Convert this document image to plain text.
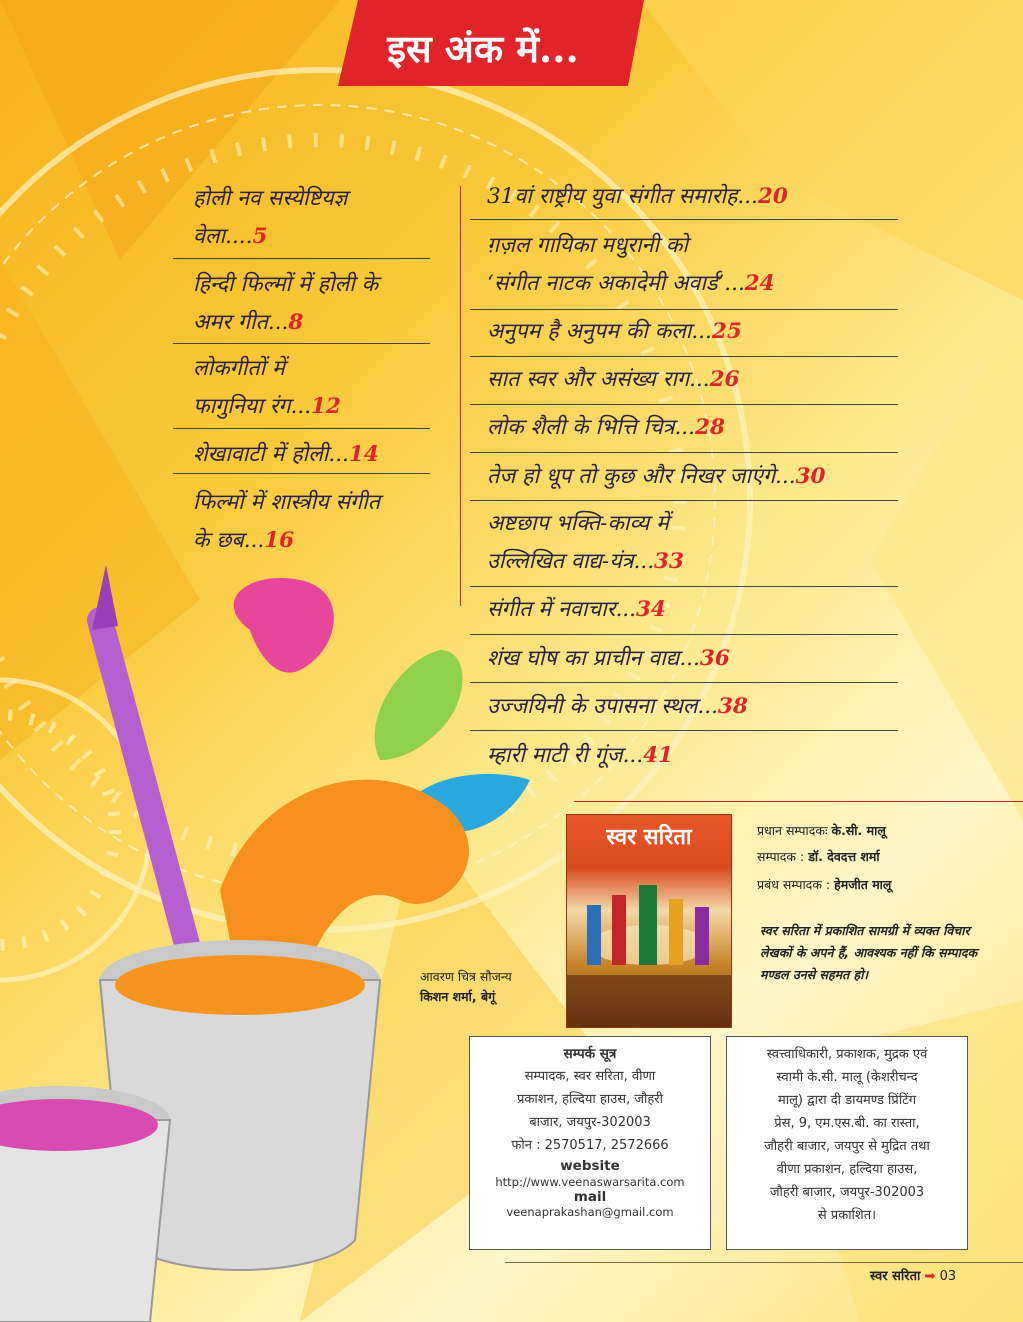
इस अंक में...
होली नव सस्येष्टियज्ञ
वेला....5
हिन्दी फिल्मों में होली के
अमर गीत...8
लोकगीतों में
फागुनिया रंग...12
शेखावाटी में होली...14
फिल्मों में शास्त्रीय संगीत
के छब...16
31वां राष्ट्रीय युवा संगीत समारोह...20
ग़ज़ल गायिका मधुरानी को
‘संगीत नाटक अकादेमी अवार्ड’...24
अनुपम है अनुपम की कला...25
सात स्वर और असंख्य राग...26
लोक शैली के भित्ति चित्र...28
तेज हो धूप तो कुछ और निखर जाएंगे...30
अष्टछाप भक्ति-काव्य में
उल्लिखित वाद्य-यंत्र...33
संगीत में नवाचार...34
शंख घोष का प्राचीन वाद्य...36
उज्जयिनी के उपासना स्थल...38
म्हारी माटी री गूंज...41
स्वर सरिता
आवरण चित्र सौजन्य
किशन शर्मा, बेगूं
प्रधान सम्पादकः के.सी. मालू
सम्पादक : डॉ. देवदत्त शर्मा
प्रबंध सम्पादक : हेमजीत मालू
स्वर सरिता में प्रकाशित सामग्री में व्यक्त विचार लेखकों के अपने हैं, आवश्यक नहीं कि सम्पादक मण्डल उनसे सहमत हो।
सम्पर्क सूत्र
सम्पादक, स्वर सरिता, वीणा
प्रकाशन, हल्दिया हाउस, जौहरी
बाजार, जयपुर-302003
फोन : 2570517, 2572666
website
http://www.veenaswarsarita.com
mail
veenaprakashan@gmail.com
स्वत्त्वाधिकारी, प्रकाशक, मुद्रक एवं
स्वामी के.सी. मालू (केशरीचन्द
मालू) द्वारा दी डायमण्ड प्रिंटिंग
प्रेस, 9, एम.एस.बी. का रास्ता,
जौहरी बाजार, जयपुर से मुद्रित तथा
वीणा प्रकाशन, हल्दिया हाउस,
जौहरी बाजार, जयपुर-302003
से प्रकाशित।
स्वर सरिता ➡ 03
